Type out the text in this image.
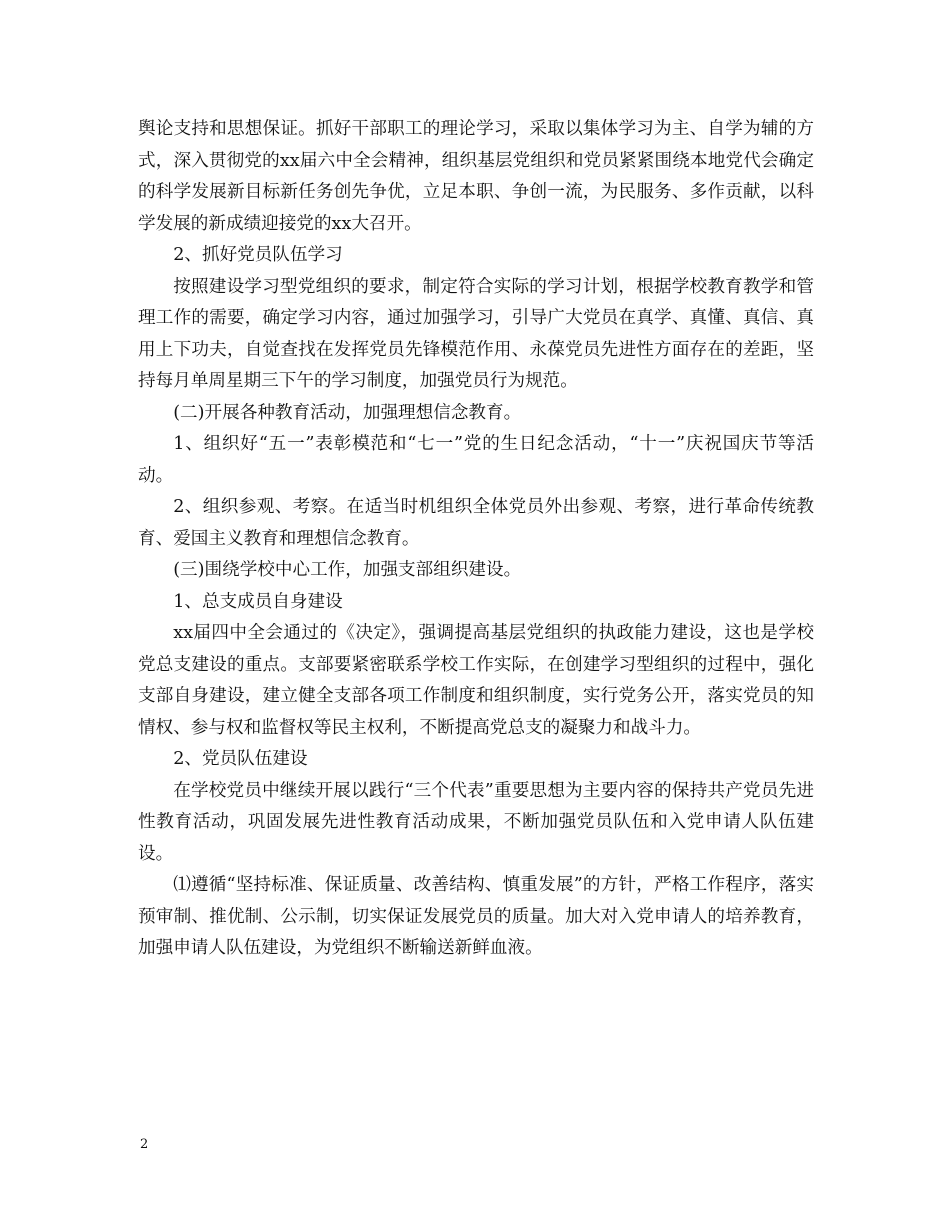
舆论支持和思想保证。抓好干部职工的理论学习，采取以集体学习为主、自学为辅的方式，深入贯彻党的xx届六中全会精神，组织基层党组织和党员紧紧围绕本地党代会确定的科学发展新目标新任务创先争优，立足本职、争创一流，为民服务、多作贡献，以科学发展的新成绩迎接党的xx大召开。

2、抓好党员队伍学习

按照建设学习型党组织的要求，制定符合实际的学习计划，根据学校教育教学和管理工作的需要，确定学习内容，通过加强学习，引导广大党员在真学、真懂、真信、真用上下功夫，自觉查找在发挥党员先锋模范作用、永葆党员先进性方面存在的差距，坚持每月单周星期三下午的学习制度，加强党员行为规范。

(二)开展各种教育活动，加强理想信念教育。

1、组织好“五一”表彰模范和“七一”党的生日纪念活动，“十一”庆祝国庆节等活动。

2、组织参观、考察。在适当时机组织全体党员外出参观、考察，进行革命传统教育、爱国主义教育和理想信念教育。

(三)围绕学校中心工作，加强支部组织建设。

1、总支成员自身建设

xx届四中全会通过的《决定》，强调提高基层党组织的执政能力建设，这也是学校党总支建设的重点。支部要紧密联系学校工作实际，在创建学习型组织的过程中，强化支部自身建设，建立健全支部各项工作制度和组织制度，实行党务公开，落实党员的知情权、参与权和监督权等民主权利，不断提高党总支的凝聚力和战斗力。

2、党员队伍建设

在学校党员中继续开展以践行“三个代表”重要思想为主要内容的保持共产党员先进性教育活动，巩固发展先进性教育活动成果，不断加强党员队伍和入党申请人队伍建设。

⑴遵循“坚持标准、保证质量、改善结构、慎重发展”的方针，严格工作程序，落实预审制、推优制、公示制，切实保证发展党员的质量。加大对入党申请人的培养教育，加强申请人队伍建设，为党组织不断输送新鲜血液。

2
